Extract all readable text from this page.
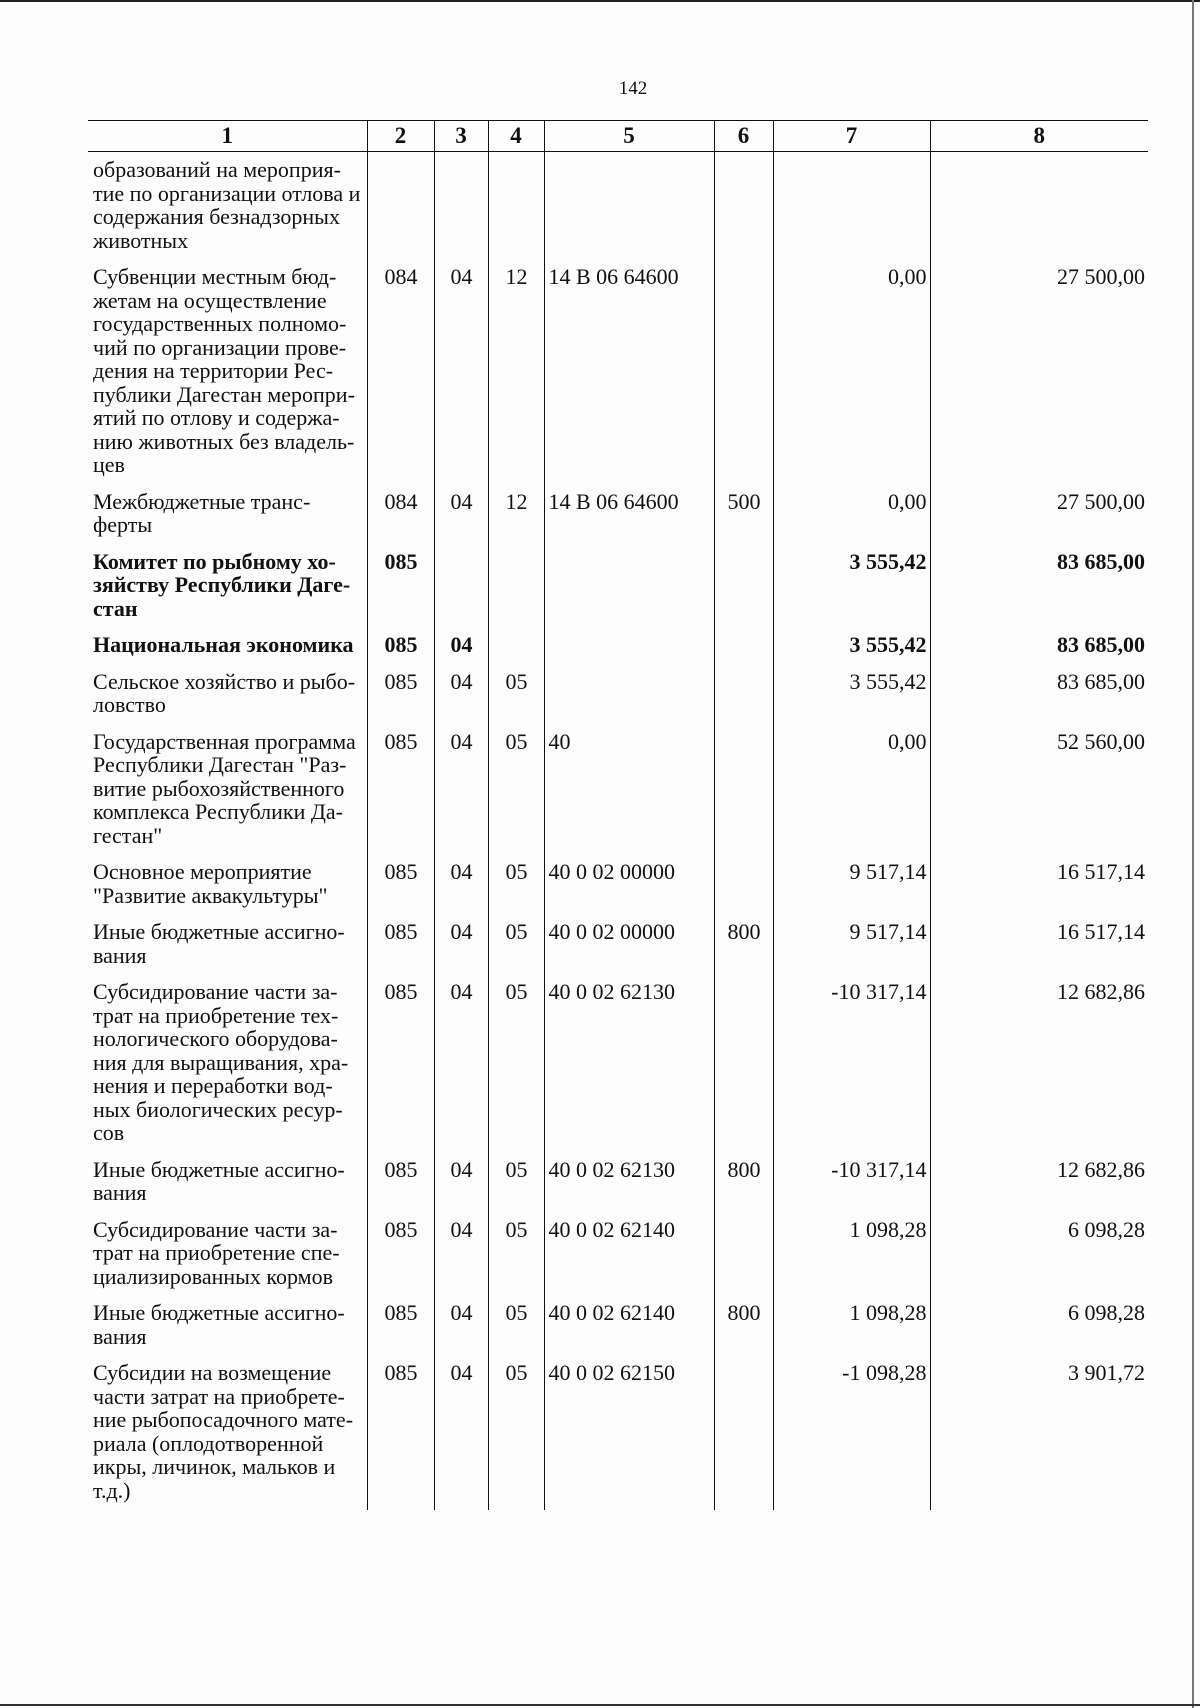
142
1	2	3	4	5	6	7	8
образований на мероприя-тие по организации отлова и содержания безнадзорных животных							
Субвенции местным бюд-жетам на осуществление государственных полномо-чий по организации прове-дения на территории Рес-публики Дагестан меропри-ятий по отлову и содержа-нию животных без владель-цев	084	04	12	14 В 06 64600		0,00	27 500,00
Межбюджетные транс-ферты	084	04	12	14 В 06 64600	500	0,00	27 500,00
Комитет по рыбному хо-зяйству Республики Даге-стан	085					3 555,42	83 685,00
Национальная экономика	085	04				3 555,42	83 685,00
Сельское хозяйство и рыбо-ловство	085	04	05			3 555,42	83 685,00
Государственная программа Республики Дагестан "Раз-витие рыбохозяйственного комплекса Республики Да-гестан"	085	04	05	40		0,00	52 560,00
Основное мероприятие "Развитие аквакультуры"	085	04	05	40 0 02 00000		9 517,14	16 517,14
Иные бюджетные ассигно-вания	085	04	05	40 0 02 00000	800	9 517,14	16 517,14
Субсидирование части за-трат на приобретение тех-нологического оборудова-ния для выращивания, хра-нения и переработки вод-ных биологических ресур-сов	085	04	05	40 0 02 62130		-10 317,14	12 682,86
Иные бюджетные ассигно-вания	085	04	05	40 0 02 62130	800	-10 317,14	12 682,86
Субсидирование части за-трат на приобретение спе-циализированных кормов	085	04	05	40 0 02 62140		1 098,28	6 098,28
Иные бюджетные ассигно-вания	085	04	05	40 0 02 62140	800	1 098,28	6 098,28
Субсидии на возмещение части затрат на приобрете-ние рыбопосадочного мате-риала (оплодотворенной икры, личинок, мальков и т.д.)	085	04	05	40 0 02 62150		-1 098,28	3 901,72
